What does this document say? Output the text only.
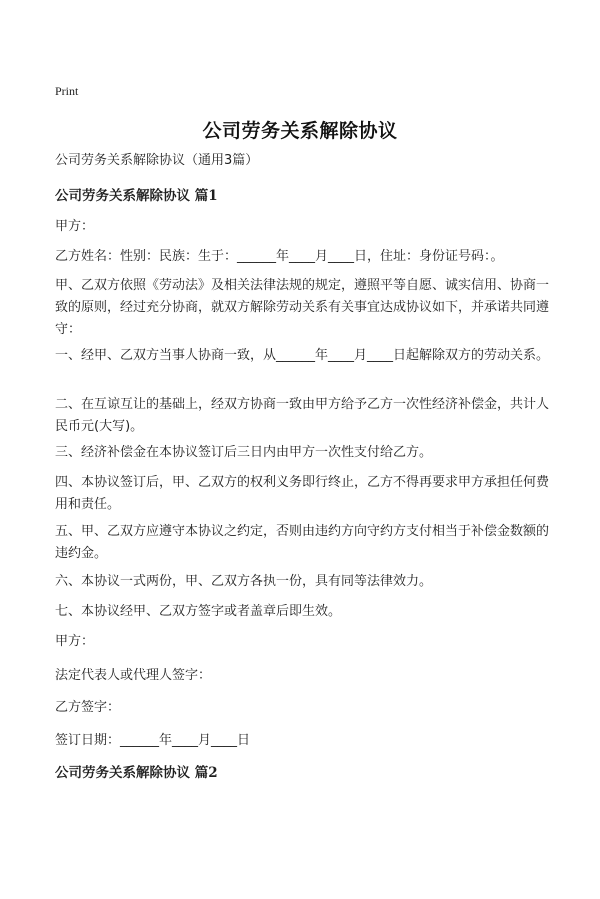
Print
公司劳务关系解除协议

公司劳务关系解除协议（通用3篇）

公司劳务关系解除协议 篇1

甲方：

乙方姓名：性别：民族：生于：______年____月____日，住址：身份证号码：。

甲、乙双方依照《劳动法》及相关法律法规的规定，遵照平等自愿、诚实信用、协商一致的原则，经过充分协商，就双方解除劳动关系有关事宜达成协议如下，并承诺共同遵守：

一、经甲、乙双方当事人协商一致，从______年____月____日起解除双方的劳动关系。

二、在互谅互让的基础上，经双方协商一致由甲方给予乙方一次性经济补偿金，共计人民币元(大写)。

三、经济补偿金在本协议签订后三日内由甲方一次性支付给乙方。

四、本协议签订后，甲、乙双方的权利义务即行终止，乙方不得再要求甲方承担任何费用和责任。

五、甲、乙双方应遵守本协议之约定，否则由违约方向守约方支付相当于补偿金数额的违约金。

六、本协议一式两份，甲、乙双方各执一份，具有同等法律效力。

七、本协议经甲、乙双方签字或者盖章后即生效。

甲方：

法定代表人或代理人签字：

乙方签字：

签订日期：______年____月____日

公司劳务关系解除协议 篇2
